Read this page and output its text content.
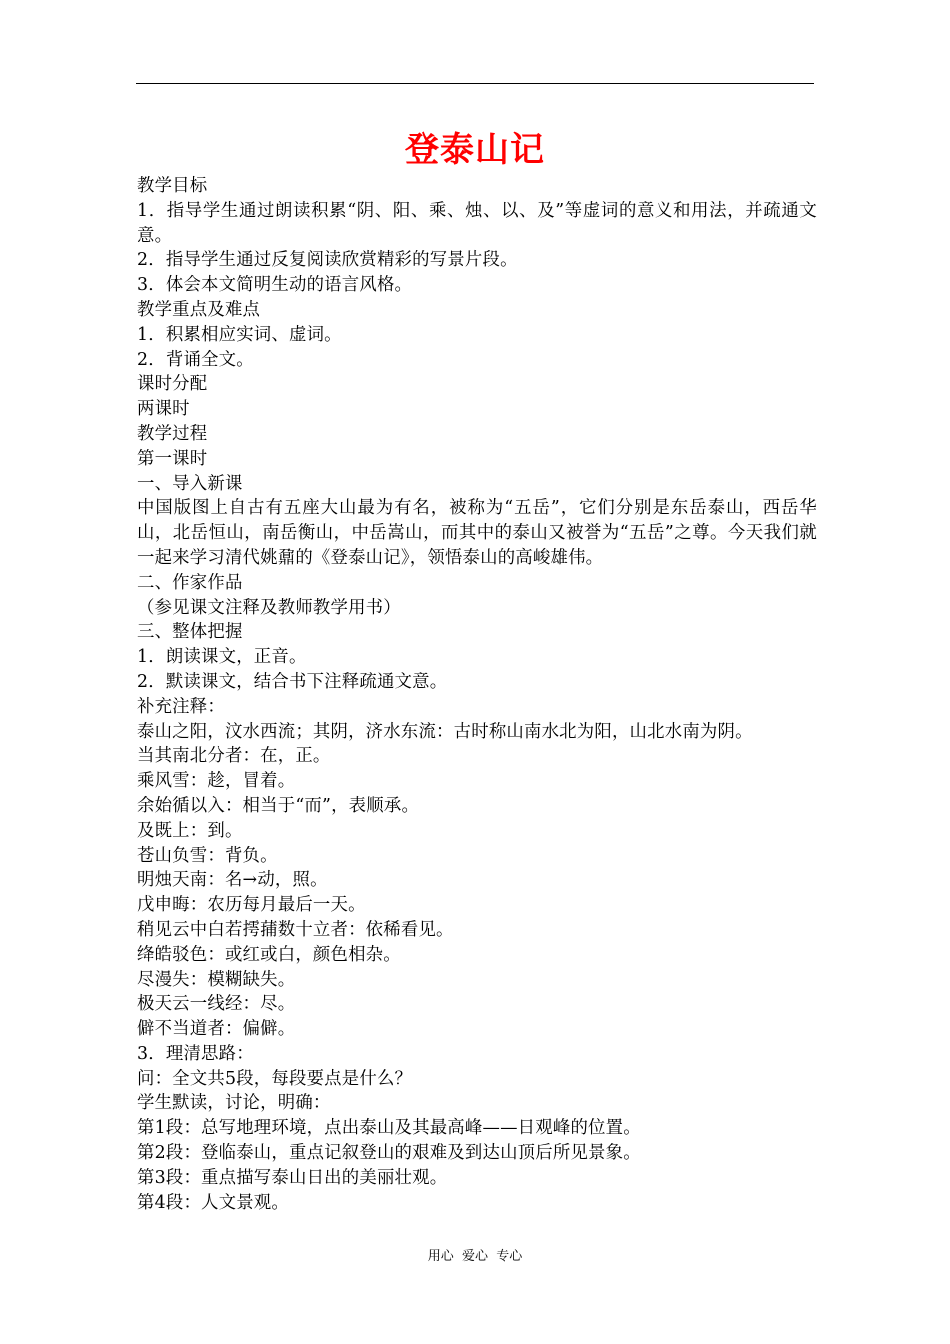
登泰山记

教学目标

1．指导学生通过朗读积累“阴、阳、乘、烛、以、及”等虚词的意义和用法，并疏通文意。

2．指导学生通过反复阅读欣赏精彩的写景片段。

3．体会本文简明生动的语言风格。

教学重点及难点

1．积累相应实词、虚词。

2．背诵全文。

课时分配

两课时

教学过程

第一课时

一、导入新课

中国版图上自古有五座大山最为有名，被称为“五岳”，它们分别是东岳泰山，西岳华山，北岳恒山，南岳衡山，中岳嵩山，而其中的泰山又被誉为“五岳”之尊。今天我们就一起来学习清代姚鼐的《登泰山记》，领悟泰山的高峻雄伟。

二、作家作品

（参见课文注释及教师教学用书）

三、整体把握

1．朗读课文，正音。

2．默读课文，结合书下注释疏通文意。

补充注释：

泰山之阳，汶水西流；其阴，济水东流：古时称山南水北为阳，山北水南为阴。

当其南北分者：在，正。

乘风雪：趁，冒着。

余始循以入：相当于“而”，表顺承。

及既上：到。

苍山负雪：背负。

明烛天南：名→动，照。

戊申晦：农历每月最后一天。

稍见云中白若摴蒱数十立者：依稀看见。

绛皓驳色：或红或白，颜色相杂。

尽漫失：模糊缺失。

极天云一线经：尽。

僻不当道者：偏僻。

3．理清思路：

问：全文共5段，每段要点是什么？

学生默读，讨论，明确：

第1段：总写地理环境，点出泰山及其最高峰——日观峰的位置。

第2段：登临泰山，重点记叙登山的艰难及到达山顶后所见景象。

第3段：重点描写泰山日出的美丽壮观。

第4段：人文景观。

用心  爱心  专心
